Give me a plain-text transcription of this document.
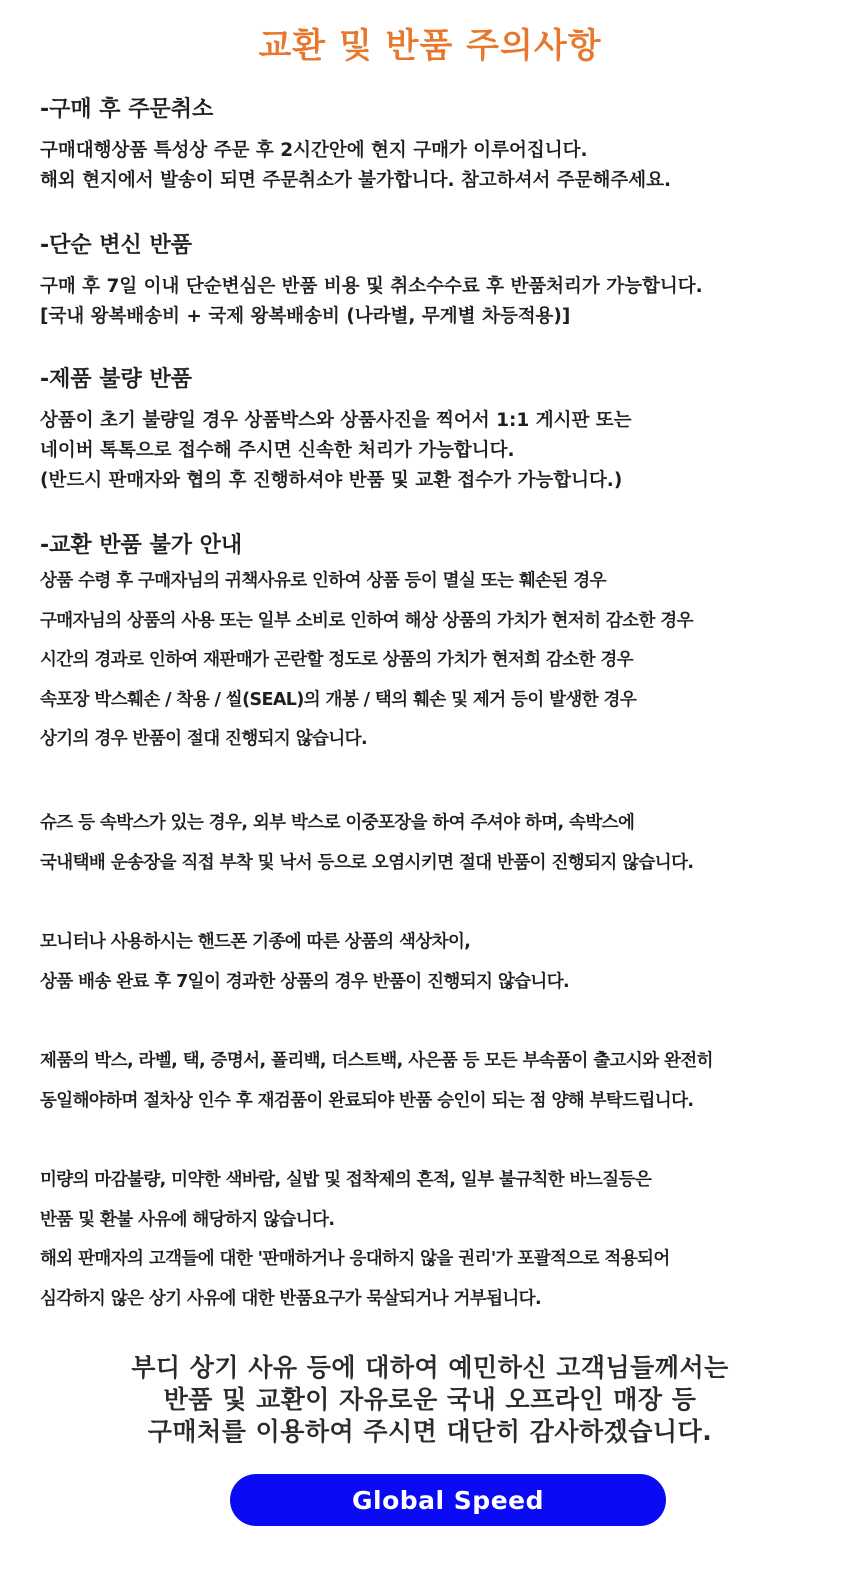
교환 및 반품 주의사항

-구매 후 주문취소

구매대행상품 특성상 주문 후 2시간안에 현지 구매가 이루어집니다.

해외 현지에서 발송이 되면 주문취소가 불가합니다. 참고하셔서 주문해주세요.

-단순 변신 반품

구매 후 7일 이내 단순변심은 반품 비용 및 취소수수료 후 반품처리가 가능합니다.

[국내 왕복배송비 + 국제 왕복배송비 (나라별, 무게별 차등적용)]

-제품 불량 반품

상품이 초기 불량일 경우 상품박스와 상품사진을 찍어서 1:1 게시판 또는

네이버 톡톡으로 접수해 주시면 신속한 처리가 가능합니다.

(반드시 판매자와 협의 후 진행하셔야 반품 및 교환 접수가 가능합니다.)

-교환 반품 불가 안내

상품 수령 후 구매자님의 귀책사유로 인하여 상품 등이 멸실 또는 훼손된 경우

구매자님의 상품의 사용 또는 일부 소비로 인하여 해상 상품의 가치가 현저히 감소한 경우

시간의 경과로 인하여 재판매가 곤란할 정도로 상품의 가치가 현저희 감소한 경우

속포장 박스훼손 / 착용 / 씰(SEAL)의 개봉 / 택의 훼손 및 제거 등이 발생한 경우

상기의 경우 반품이 절대 진행되지 않습니다.

슈즈 등 속박스가 있는 경우, 외부 박스로 이중포장을 하여 주셔야 하며, 속박스에

국내택배 운송장을 직접 부착 및 낙서 등으로 오염시키면 절대 반품이 진행되지 않습니다.

모니터나 사용하시는 핸드폰 기종에 따른 상품의 색상차이,

상품 배송 완료 후 7일이 경과한 상품의 경우 반품이 진행되지 않습니다.

제품의 박스, 라벨, 택, 증명서, 폴리백, 더스트백, 사은품 등 모든 부속품이 출고시와 완전히

동일해야하며 절차상 인수 후 재검품이 완료되야 반품 승인이 되는 점 양해 부탁드립니다.

미량의 마감불량, 미약한 색바람, 실밥 및 접착제의 흔적, 일부 불규칙한 바느질등은

반품 및 환불 사유에 해당하지 않습니다.

해외 판매자의 고객들에 대한 '판매하거나 응대하지 않을 권리'가 포괄적으로 적용되어

심각하지 않은 상기 사유에 대한 반품요구가 묵살되거나 거부됩니다.

부디 상기 사유 등에 대하여 예민하신 고객님들께서는

반품 및 교환이 자유로운 국내 오프라인 매장 등

구매처를 이용하여 주시면 대단히 감사하겠습니다.

Global Speed
